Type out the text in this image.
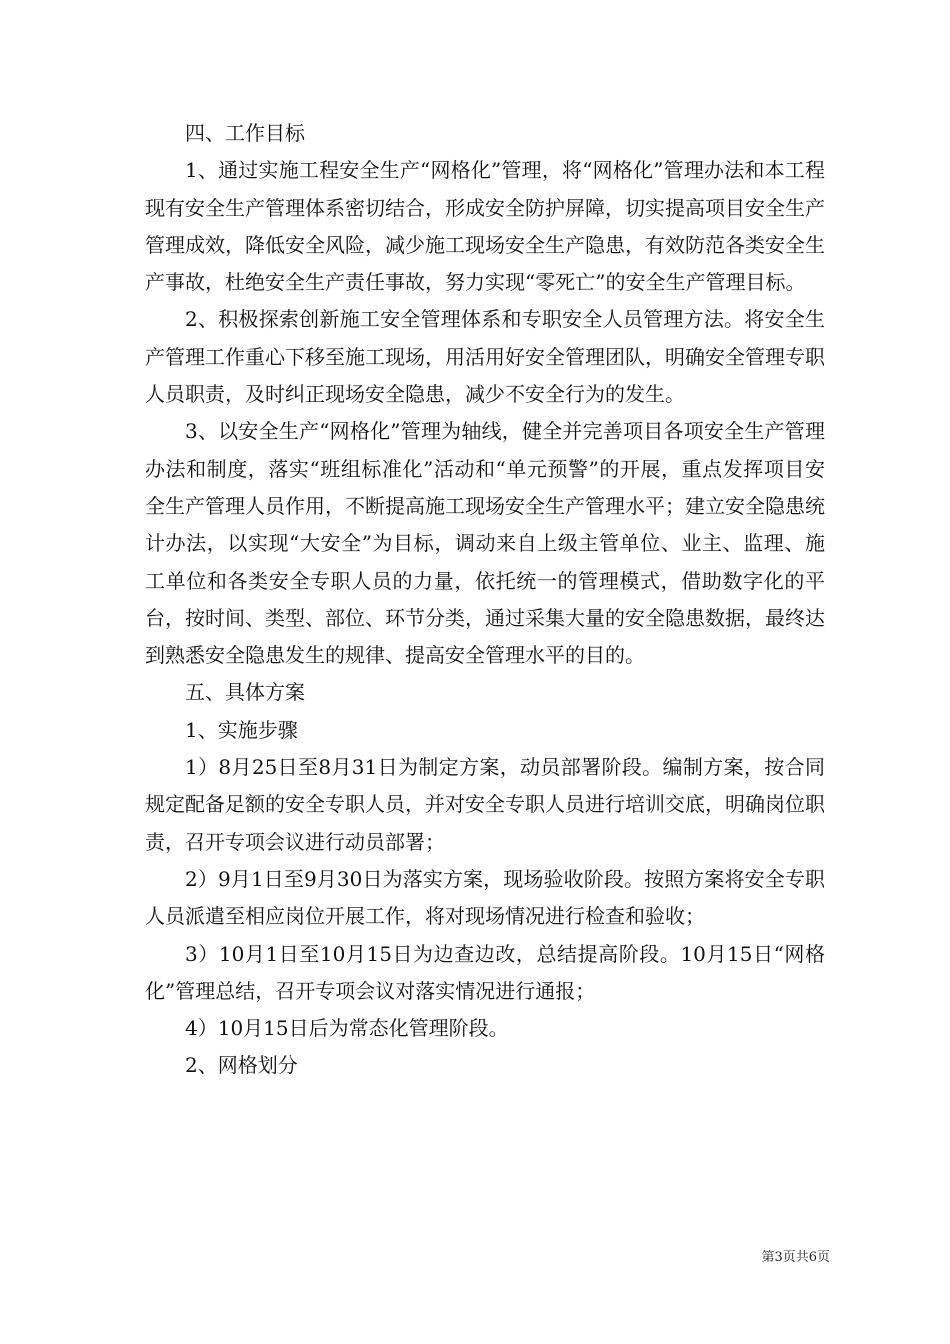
四、工作目标

1、通过实施工程安全生产“网格化”管理，将“网格化”管理办法和本工程现有安全生产管理体系密切结合，形成安全防护屏障，切实提高项目安全生产管理成效，降低安全风险，减少施工现场安全生产隐患，有效防范各类安全生产事故，杜绝安全生产责任事故，努力实现“零死亡”的安全生产管理目标。

2、积极探索创新施工安全管理体系和专职安全人员管理方法。将安全生产管理工作重心下移至施工现场，用活用好安全管理团队，明确安全管理专职人员职责，及时纠正现场安全隐患，减少不安全行为的发生。

3、以安全生产“网格化”管理为轴线，健全并完善项目各项安全生产管理办法和制度，落实“班组标准化”活动和“单元预警”的开展，重点发挥项目安全生产管理人员作用，不断提高施工现场安全生产管理水平；建立安全隐患统计办法，以实现“大安全”为目标，调动来自上级主管单位、业主、监理、施工单位和各类安全专职人员的力量，依托统一的管理模式，借助数字化的平台，按时间、类型、部位、环节分类，通过采集大量的安全隐患数据，最终达到熟悉安全隐患发生的规律、提高安全管理水平的目的。

五、具体方案

1、实施步骤

1）8月25日至8月31日为制定方案，动员部署阶段。编制方案，按合同规定配备足额的安全专职人员，并对安全专职人员进行培训交底，明确岗位职责，召开专项会议进行动员部署；

2）9月1日至9月30日为落实方案，现场验收阶段。按照方案将安全专职人员派遣至相应岗位开展工作，将对现场情况进行检查和验收；

3）10月1日至10月15日为边查边改，总结提高阶段。10月15日“网格化”管理总结，召开专项会议对落实情况进行通报；

4）10月15日后为常态化管理阶段。

2、网格划分

第3页共6页
